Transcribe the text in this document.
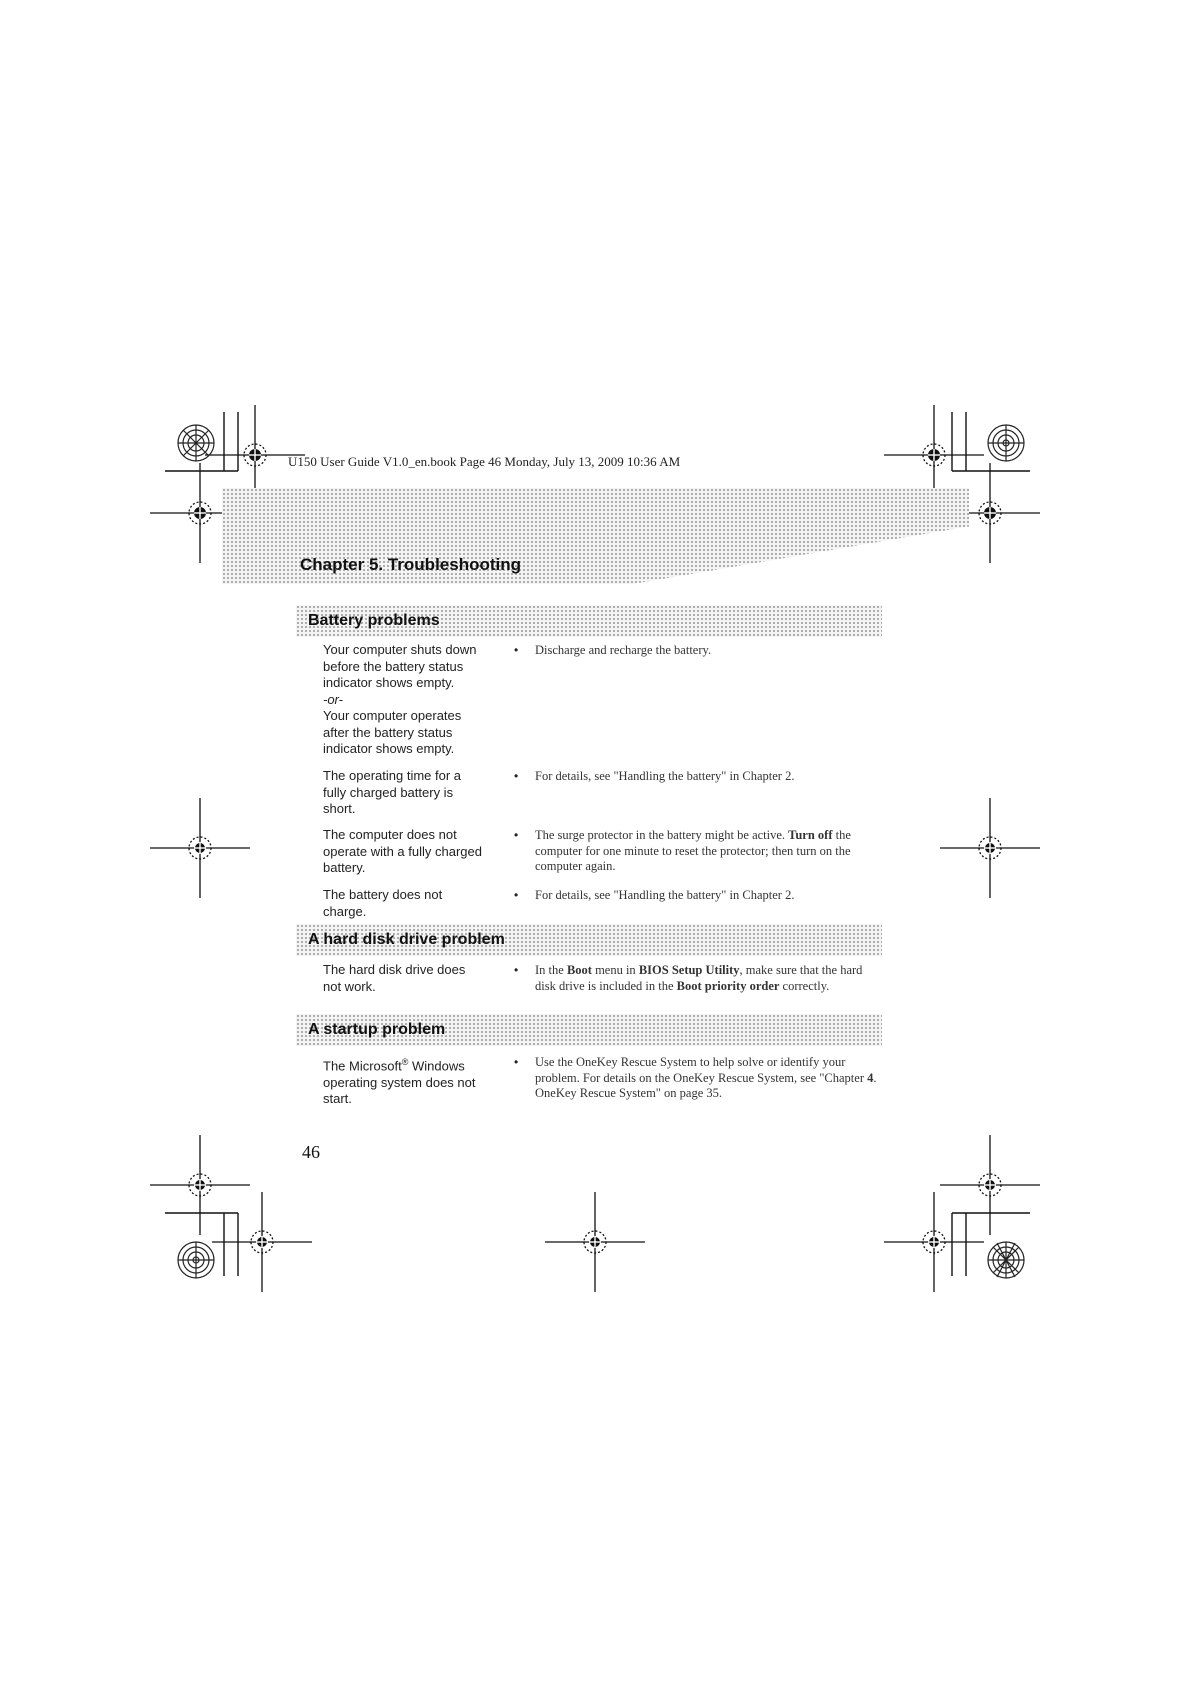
U150 User Guide V1.0_en.book Page 46 Monday, July 13, 2009 10:36 AM
Chapter 5. Troubleshooting
Battery problems
Your computer shuts down
before the battery status
indicator shows empty.
-or-
Your computer operates
after the battery status
indicator shows empty.
• Discharge and recharge the battery.
The operating time for a
fully charged battery is
short.
• For details, see "Handling the battery" in Chapter 2.
The computer does not
operate with a fully charged
battery.
• The surge protector in the battery might be active. Turn off the computer for one minute to reset the protector; then turn on the computer again.
The battery does not
charge.
• For details, see "Handling the battery" in Chapter 2.
A hard disk drive problem
The hard disk drive does
not work.
• In the Boot menu in BIOS Setup Utility, make sure that the hard disk drive is included in the Boot priority order correctly.
A startup problem
The Microsoft® Windows
operating system does not
start.
• Use the OneKey Rescue System to help solve or identify your problem. For details on the OneKey Rescue System, see "Chapter 4. OneKey Rescue System" on page 35.
46
